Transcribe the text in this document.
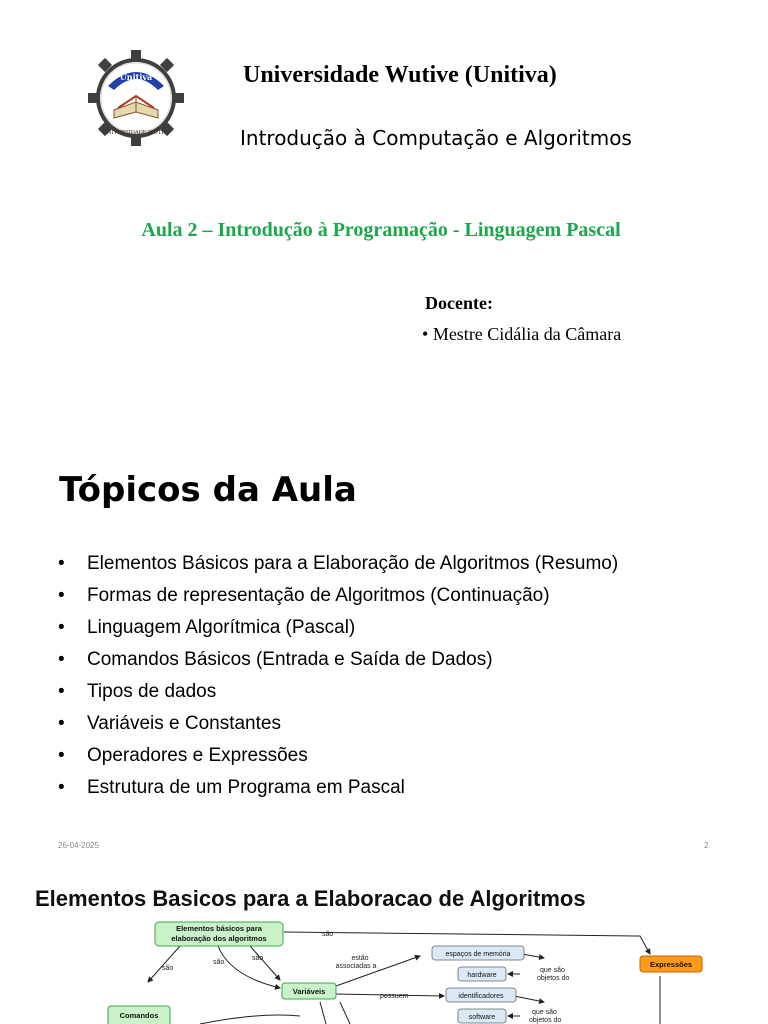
Unitiva
UNIVERSIDADE WUTIVI
Universidade Wutive (Unitiva)
Introdução à Computação e Algoritmos
Aula 2 – Introdução à Programação - Linguagem Pascal
Docente:
• Mestre Cidália da Câmara
Tópicos da Aula
• Elementos Básicos para a Elaboração de Algoritmos (Resumo)
• Formas de representação de Algoritmos (Continuação)
• Linguagem Algorítmica (Pascal)
• Comandos Básicos (Entrada e Saída de Dados)
• Tipos de dados
• Variáveis e Constantes
• Operadores e Expressões
• Estrutura de um Programa em Pascal
26-04-2025	2
Elementos Basicos para a Elaboracao de Algoritmos
Elementos básicos para
elaboração dos algoritmos	são
são
são
são	estão
associadas a
possuem
que são
objetos do
que são
objetos do
espaços de memória
hardware
identificadores
software
Variáveis
Expressões
Comandos
